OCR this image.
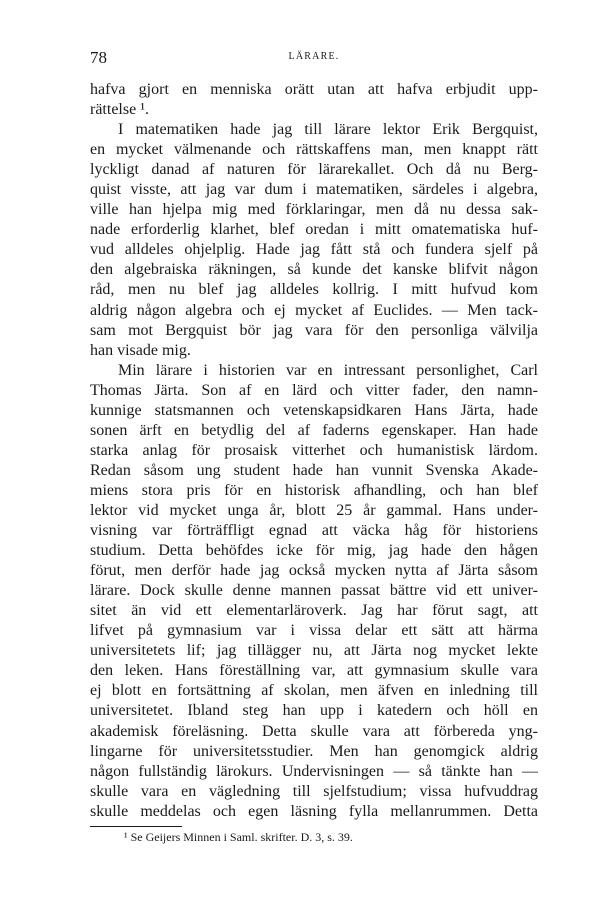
78	LÄRARE.
hafva gjort en menniska orätt utan att hafva erbjudit upp-
rättelse ¹.
I matematiken hade jag till lärare lektor Erik Bergquist,
en mycket välmenande och rättskaffens man, men knappt rätt
lyckligt danad af naturen för lärarekallet. Och då nu Berg-
quist visste, att jag var dum i matematiken, särdeles i algebra,
ville han hjelpa mig med förklaringar, men då nu dessa sak-
nade erforderlig klarhet, blef oredan i mitt omatematiska huf-
vud alldeles ohjelplig. Hade jag fått stå och fundera sjelf på
den algebraiska räkningen, så kunde det kanske blifvit någon
råd, men nu blef jag alldeles kollrig. I mitt hufvud kom
aldrig någon algebra och ej mycket af Euclides. — Men tack-
sam mot Bergquist bör jag vara för den personliga välvilja
han visade mig.
Min lärare i historien var en intressant personlighet, Carl
Thomas Järta. Son af en lärd och vitter fader, den namn-
kunnige statsmannen och vetenskapsidkaren Hans Järta, hade
sonen ärft en betydlig del af faderns egenskaper. Han hade
starka anlag för prosaisk vitterhet och humanistisk lärdom.
Redan såsom ung student hade han vunnit Svenska Akade-
miens stora pris för en historisk afhandling, och han blef
lektor vid mycket unga år, blott 25 år gammal. Hans under-
visning var förträffligt egnad att väcka håg för historiens
studium. Detta behöfdes icke för mig, jag hade den hågen
förut, men derför hade jag också mycken nytta af Järta såsom
lärare. Dock skulle denne mannen passat bättre vid ett univer-
sitet än vid ett elementarläroverk. Jag har förut sagt, att
lifvet på gymnasium var i vissa delar ett sätt att härma
universitetets lif; jag tillägger nu, att Järta nog mycket lekte
den leken. Hans föreställning var, att gymnasium skulle vara
ej blott en fortsättning af skolan, men äfven en inledning till
universitetet. Ibland steg han upp i katedern och höll en
akademisk föreläsning. Detta skulle vara att förbereda yng-
lingarne för universitetsstudier. Men han genomgick aldrig
någon fullständig lärokurs. Undervisningen — så tänkte han —
skulle vara en vägledning till sjelfstudium; vissa hufvuddrag
skulle meddelas och egen läsning fylla mellanrummen. Detta
¹ Se Geijers Minnen i Saml. skrifter. D. 3, s. 39.
